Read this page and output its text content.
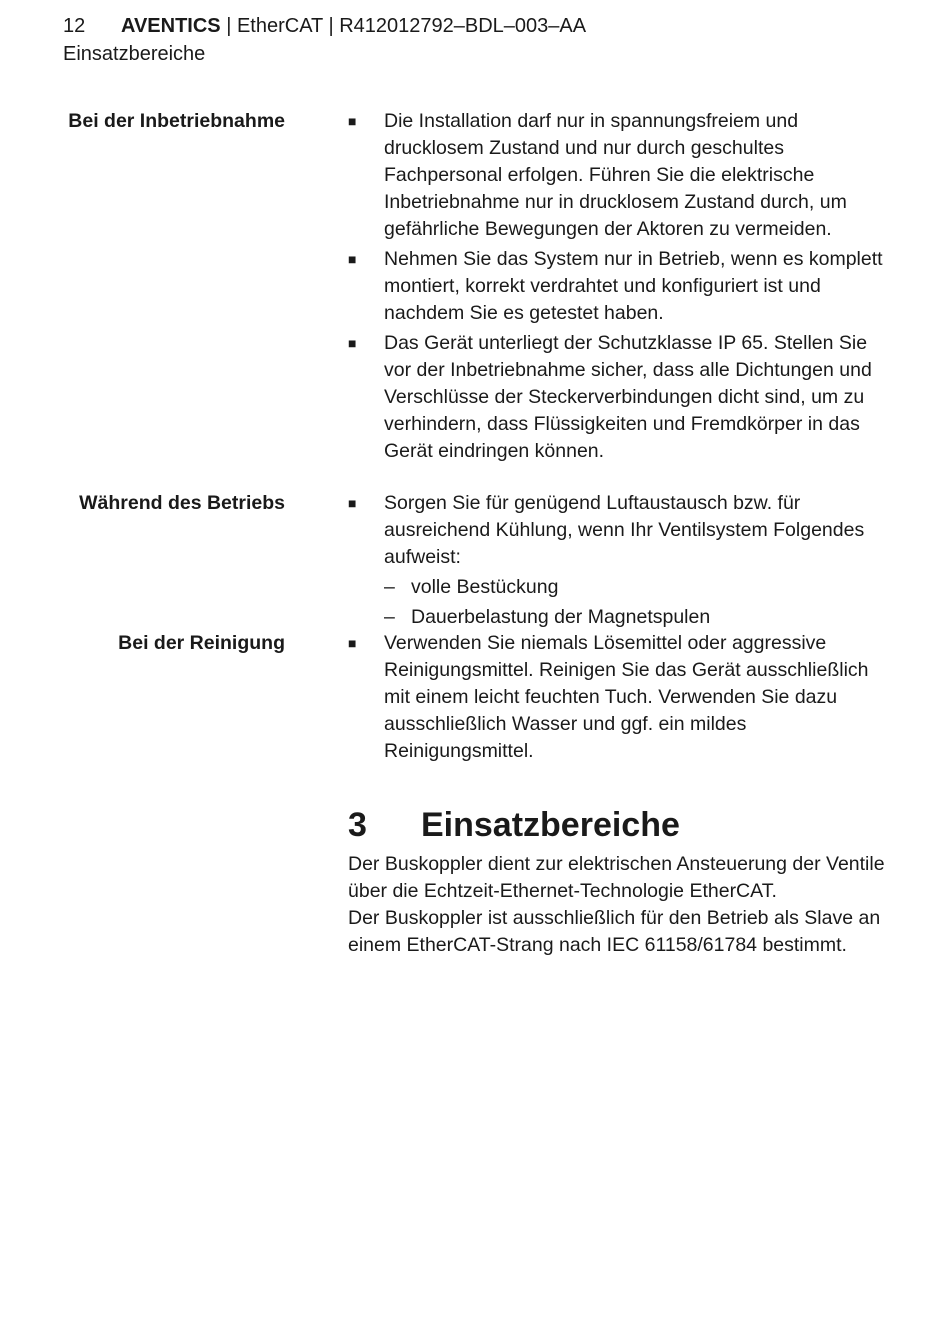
12 AVENTICS | EtherCAT | R412012792–BDL–003–AA
Einsatzbereiche
Bei der Inbetriebnahme	■ Die Installation darf nur in spannungsfreiem und drucklosem Zustand und nur durch geschultes Fachpersonal erfolgen. Führen Sie die elektrische Inbetriebnahme nur in drucklosem Zustand durch, um gefährliche Bewegungen der Aktoren zu vermeiden.
■ Nehmen Sie das System nur in Betrieb, wenn es komplett montiert, korrekt verdrahtet und konfiguriert ist und nachdem Sie es getestet haben.
■ Das Gerät unterliegt der Schutzklasse IP 65. Stellen Sie vor der Inbetriebnahme sicher, dass alle Dichtungen und Verschlüsse der Steckerverbindungen dicht sind, um zu verhindern, dass Flüssigkeiten und Fremdkörper in das Gerät eindringen können.
Während des Betriebs	■ Sorgen Sie für genügend Luftaustausch bzw. für ausreichend Kühlung, wenn Ihr Ventilsystem Folgendes aufweist:
– volle Bestückung
– Dauerbelastung der Magnetspulen
Bei der Reinigung	■ Verwenden Sie niemals Lösemittel oder aggressive Reinigungsmittel. Reinigen Sie das Gerät ausschließlich mit einem leicht feuchten Tuch. Verwenden Sie dazu ausschließlich Wasser und ggf. ein mildes Reinigungsmittel.
3 Einsatzbereiche

Der Buskoppler dient zur elektrischen Ansteuerung der Ventile über die Echtzeit-Ethernet-Technologie EtherCAT.

Der Buskoppler ist ausschließlich für den Betrieb als Slave an einem EtherCAT-Strang nach IEC 61158/61784 bestimmt.
